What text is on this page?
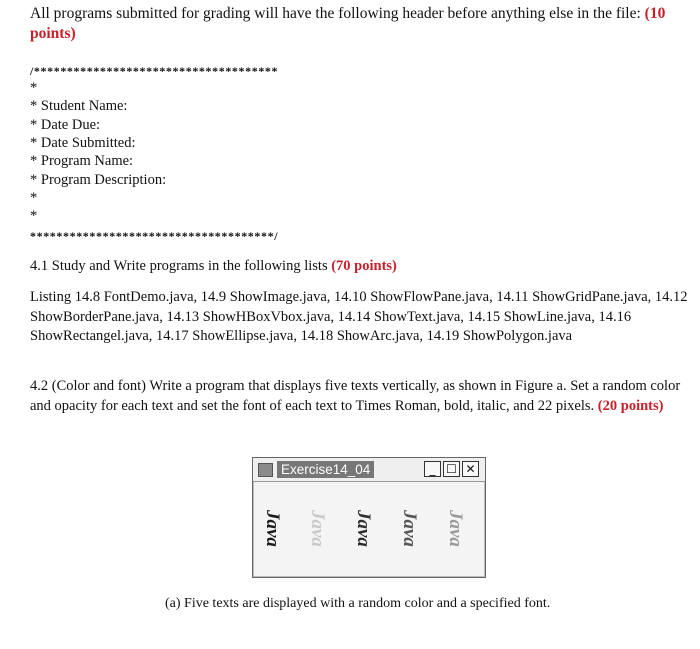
All programs submitted for grading will have the following header before anything else in the file: (10 points)
/*************************************
*
* Student Name:
* Date Due:
* Date Submitted:
* Program Name:
* Program Description:
*
*
*************************************/
4.1 Study and Write programs in the following lists (70 points)
Listing 14.8 FontDemo.java, 14.9 ShowImage.java, 14.10 ShowFlowPane.java, 14.11 ShowGridPane.java, 14.12 ShowBorderPane.java, 14.13 ShowHBoxVbox.java, 14.14 ShowText.java, 14.15 ShowLine.java, 14.16 ShowRectangel.java, 14.17 ShowEllipse.java, 14.18 ShowArc.java, 14.19 ShowPolygon.java
4.2 (Color and font) Write a program that displays five texts vertically, as shown in Figure a. Set a random color and opacity for each text and set the font of each text to Times Roman, bold, italic, and 22 pixels. (20 points)
Exercise14_04	_ ☐ ✕
Java Java Java Java Java
(a) Five texts are displayed with a random color and a specified font.
